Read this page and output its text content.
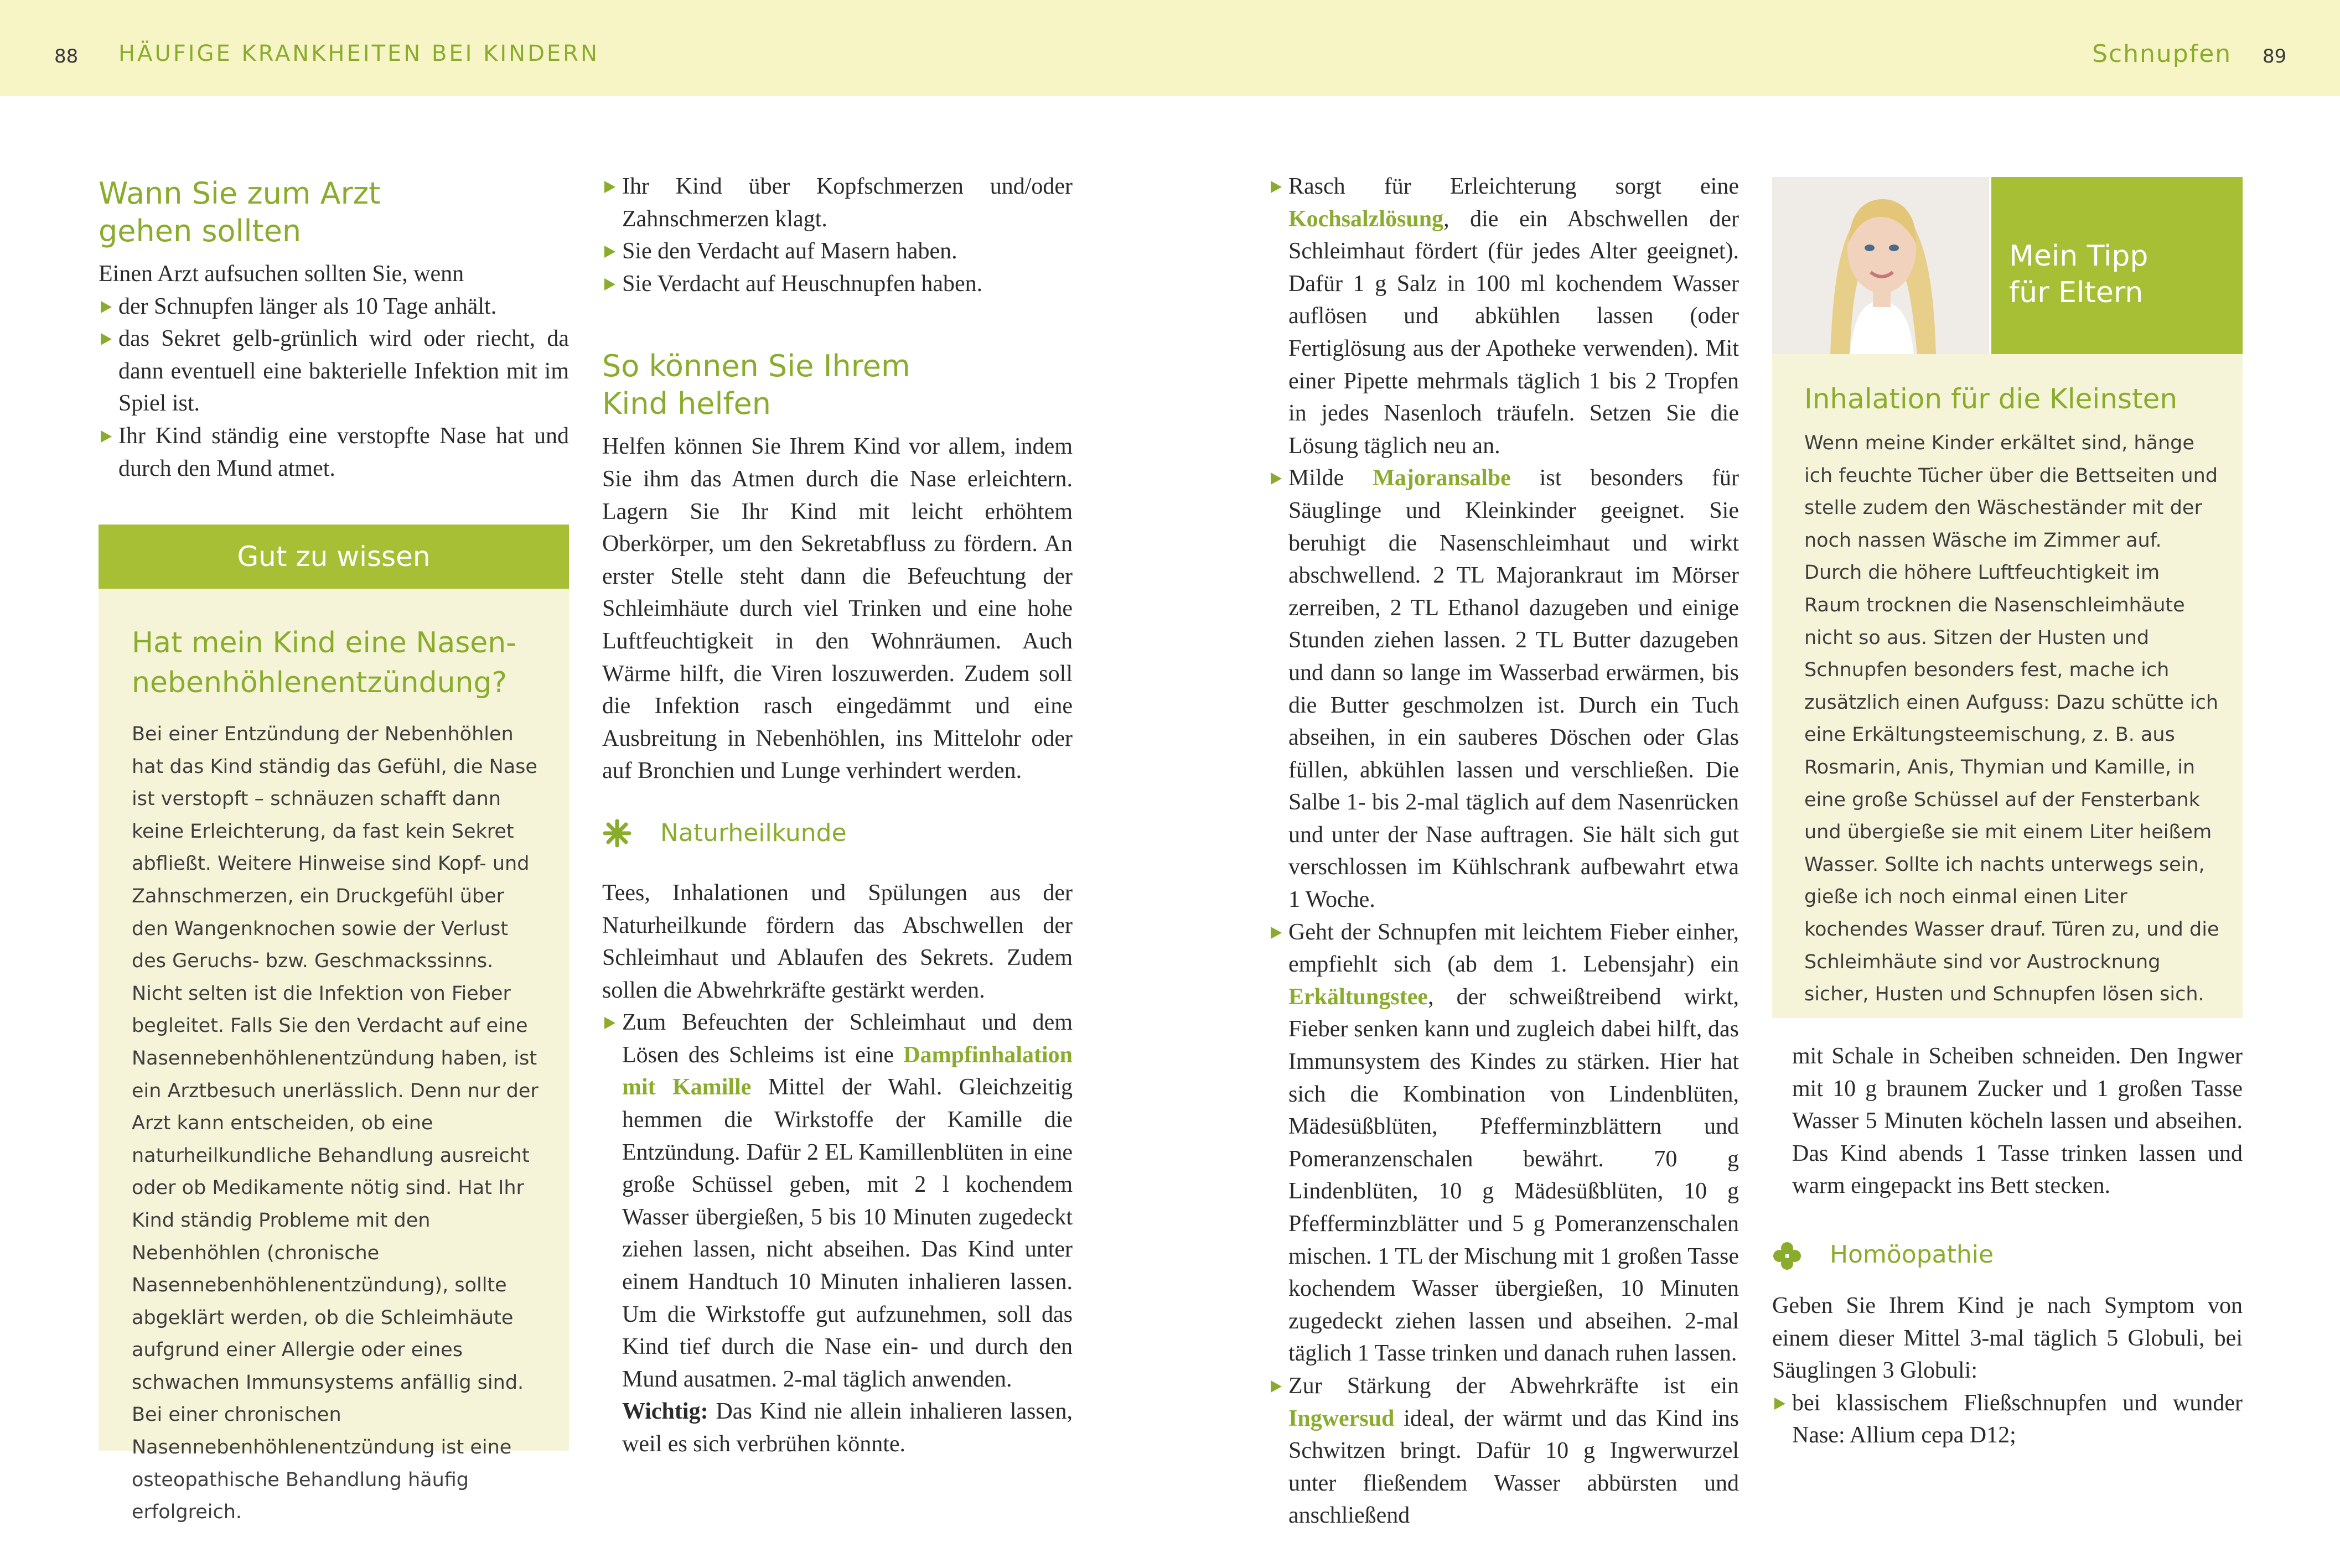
88 HÄUFIGE KRANKHEITEN BEI KINDERN	Schnupfen 89
Wann Sie zum Arzt
gehen sollten

Einen Arzt aufsuchen sollten Sie, wenn

der Schnupfen länger als 10 Tage anhält.
das Sekret gelb-grünlich wird oder riecht, da dann eventuell eine bakterielle Infektion mit im Spiel ist.
Ihr Kind ständig eine verstopfte Nase hat und durch den Mund atmet.
Gut zu wissen
Hat mein Kind eine Nasen-
nebenhöhlenentzündung?

Bei einer Entzündung der Nebenhöhlen hat das Kind ständig das Gefühl, die Nase ist verstopft – schnäuzen schafft dann keine Erleichterung, da fast kein Sekret abfließt. Weitere Hinweise sind Kopf- und Zahnschmerzen, ein Druckgefühl über den Wangenknochen sowie der Verlust des Geruchs- bzw. Geschmackssinns. Nicht selten ist die Infektion von Fieber begleitet. Falls Sie den Verdacht auf eine Nasennebenhöhlenentzündung haben, ist ein Arztbesuch unerlässlich. Denn nur der Arzt kann entscheiden, ob eine naturheilkundliche Behandlung ausreicht oder ob Medikamente nötig sind. Hat Ihr Kind ständig Probleme mit den Nebenhöhlen (chronische Nasennebenhöhlenentzündung), sollte abgeklärt werden, ob die Schleimhäute aufgrund einer Allergie oder eines schwachen Immunsystems anfällig sind. Bei einer chronischen Nasennebenhöhlenentzündung ist eine osteopathische Behandlung häufig erfolgreich.

Ihr Kind über Kopfschmerzen und/oder Zahnschmerzen klagt.
Sie den Verdacht auf Masern haben.
Sie Verdacht auf Heuschnupfen haben.
So können Sie Ihrem
Kind helfen

Helfen können Sie Ihrem Kind vor allem, indem Sie ihm das Atmen durch die Nase erleichtern. Lagern Sie Ihr Kind mit leicht erhöhtem Oberkörper, um den Sekretabfluss zu fördern. An erster Stelle steht dann die Befeuchtung der Schleimhäute durch viel Trinken und eine hohe Luftfeuchtigkeit in den Wohnräumen. Auch Wärme hilft, die Viren loszuwerden. Zudem soll die Infektion rasch eingedämmt und eine Ausbreitung in Nebenhöhlen, ins Mittelohr oder auf Bronchien und Lunge verhindert werden.

Naturheilkunde

Tees, Inhalationen und Spülungen aus der Naturheilkunde fördern das Abschwellen der Schleimhaut und Ablaufen des Sekrets. Zudem sollen die Abwehrkräfte gestärkt werden.

Zum Befeuchten der Schleimhaut und dem Lösen des Schleims ist eine Dampfinhalation mit Kamille Mittel der Wahl. Gleichzeitig hemmen die Wirkstoffe der Kamille die Entzündung. Dafür 2 EL Kamillenblüten in eine große Schüssel geben, mit 2 l kochendem Wasser übergießen, 5 bis 10 Minuten zugedeckt ziehen lassen, nicht abseihen. Das Kind unter einem Handtuch 10 Minuten inhalieren lassen. Um die Wirkstoffe gut aufzunehmen, soll das Kind tief durch die Nase ein- und durch den Mund ausatmen. 2-mal täglich anwenden.
Wichtig: Das Kind nie allein inhalieren lassen, weil es sich verbrühen könnte.
Rasch für Erleichterung sorgt eine Kochsalzlösung, die ein Abschwellen der Schleimhaut fördert (für jedes Alter geeignet). Dafür 1 g Salz in 100 ml kochendem Wasser auflösen und abkühlen lassen (oder Fertiglösung aus der Apotheke verwenden). Mit einer Pipette mehrmals täglich 1 bis 2 Tropfen in jedes Nasenloch träufeln. Setzen Sie die Lösung täglich neu an.
Milde Majoransalbe ist besonders für Säuglinge und Kleinkinder geeignet. Sie beruhigt die Nasenschleimhaut und wirkt abschwellend. 2 TL Majorankraut im Mörser zerreiben, 2 TL Ethanol dazugeben und einige Stunden ziehen lassen. 2 TL Butter dazugeben und dann so lange im Wasserbad erwärmen, bis die Butter geschmolzen ist. Durch ein Tuch abseihen, in ein sauberes Döschen oder Glas füllen, abkühlen lassen und verschließen. Die Salbe 1- bis 2-mal täglich auf dem Nasenrücken und unter der Nase auftragen. Sie hält sich gut verschlossen im Kühlschrank aufbewahrt etwa 1 Woche.
Geht der Schnupfen mit leichtem Fieber einher, empfiehlt sich (ab dem 1. Lebensjahr) ein Erkältungstee, der schweißtreibend wirkt, Fieber senken kann und zugleich dabei hilft, das Immunsystem des Kindes zu stärken. Hier hat sich die Kombination von Lindenblüten, Mädesüßblüten, Pfefferminzblättern und Pomeranzenschalen bewährt. 70 g Lindenblüten, 10 g Mädesüßblüten, 10 g Pfefferminzblätter und 5 g Pomeranzenschalen mischen. 1 TL der Mischung mit 1 großen Tasse kochendem Wasser übergießen, 10 Minuten zugedeckt ziehen lassen und abseihen. 2-mal täglich 1 Tasse trinken und danach ruhen lassen.
Zur Stärkung der Abwehrkräfte ist ein Ingwersud ideal, der wärmt und das Kind ins Schwitzen bringt. Dafür 10 g Ingwerwurzel unter fließendem Wasser abbürsten und anschließend
Mein Tipp
für Eltern
Inhalation für die Kleinsten

Wenn meine Kinder erkältet sind, hänge ich feuchte Tücher über die Bettseiten und stelle zudem den Wäscheständer mit der noch nassen Wäsche im Zimmer auf. Durch die höhere Luftfeuchtigkeit im Raum trocknen die Nasenschleimhäute nicht so aus. Sitzen der Husten und Schnupfen besonders fest, mache ich zusätzlich einen Aufguss: Dazu schütte ich eine Erkältungsteemischung, z. B. aus Rosmarin, Anis, Thymian und Kamille, in eine große Schüssel auf der Fensterbank und übergieße sie mit einem Liter heißem Wasser. Sollte ich nachts unterwegs sein, gieße ich noch einmal einen Liter kochendes Wasser drauf. Türen zu, und die Schleimhäute sind vor Austrocknung sicher, Husten und Schnupfen lösen sich.

mit Schale in Scheiben schneiden. Den Ingwer mit 10 g braunem Zucker und 1 großen Tasse Wasser 5 Minuten köcheln lassen und abseihen. Das Kind abends 1 Tasse trinken lassen und warm eingepackt ins Bett stecken.

Homöopathie

Geben Sie Ihrem Kind je nach Symptom von einem dieser Mittel 3-mal täglich 5 Globuli, bei Säuglingen 3 Globuli:

bei klassischem Fließschnupfen und wunder Nase: Allium cepa D12;
